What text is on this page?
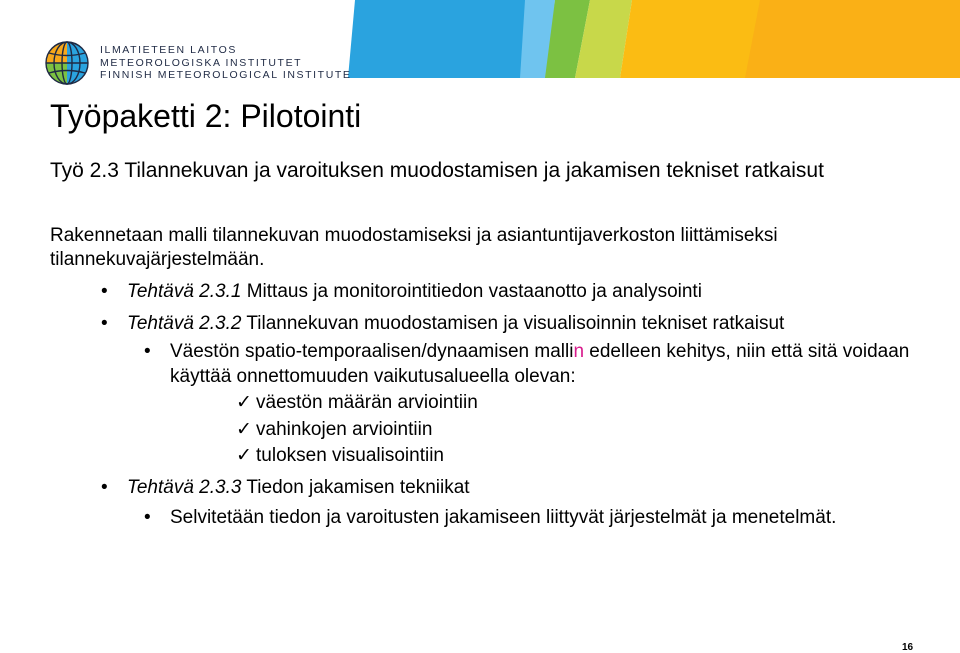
ILMATIETEEN LAITOS
METEOROLOGISKA INSTITUTET
FINNISH METEOROLOGICAL INSTITUTE
Työpaketti 2: Pilotointi
Työ 2.3 Tilannekuvan ja varoituksen muodostamisen ja jakamisen tekniset ratkaisut
Rakennetaan malli tilannekuvan muodostamiseksi ja asiantuntijaverkoston liittämiseksi tilannekuvajärjestelmään.
• Tehtävä 2.3.1 Mittaus ja monitorointitiedon vastaanotto ja analysointi
• Tehtävä 2.3.2 Tilannekuvan muodostamisen ja visualisoinnin tekniset ratkaisut
• Väestön spatio-temporaalisen/dynaamisen mallin edelleen kehitys, niin että sitä voidaan käyttää onnettomuuden vaikutusalueella olevan:
✓ väestön määrän arviointiin
✓ vahinkojen arviointiin
✓ tuloksen visualisointiin
• Tehtävä 2.3.3 Tiedon jakamisen tekniikat
• Selvitetään tiedon ja varoitusten jakamiseen liittyvät järjestelmät ja menetelmät.
16
